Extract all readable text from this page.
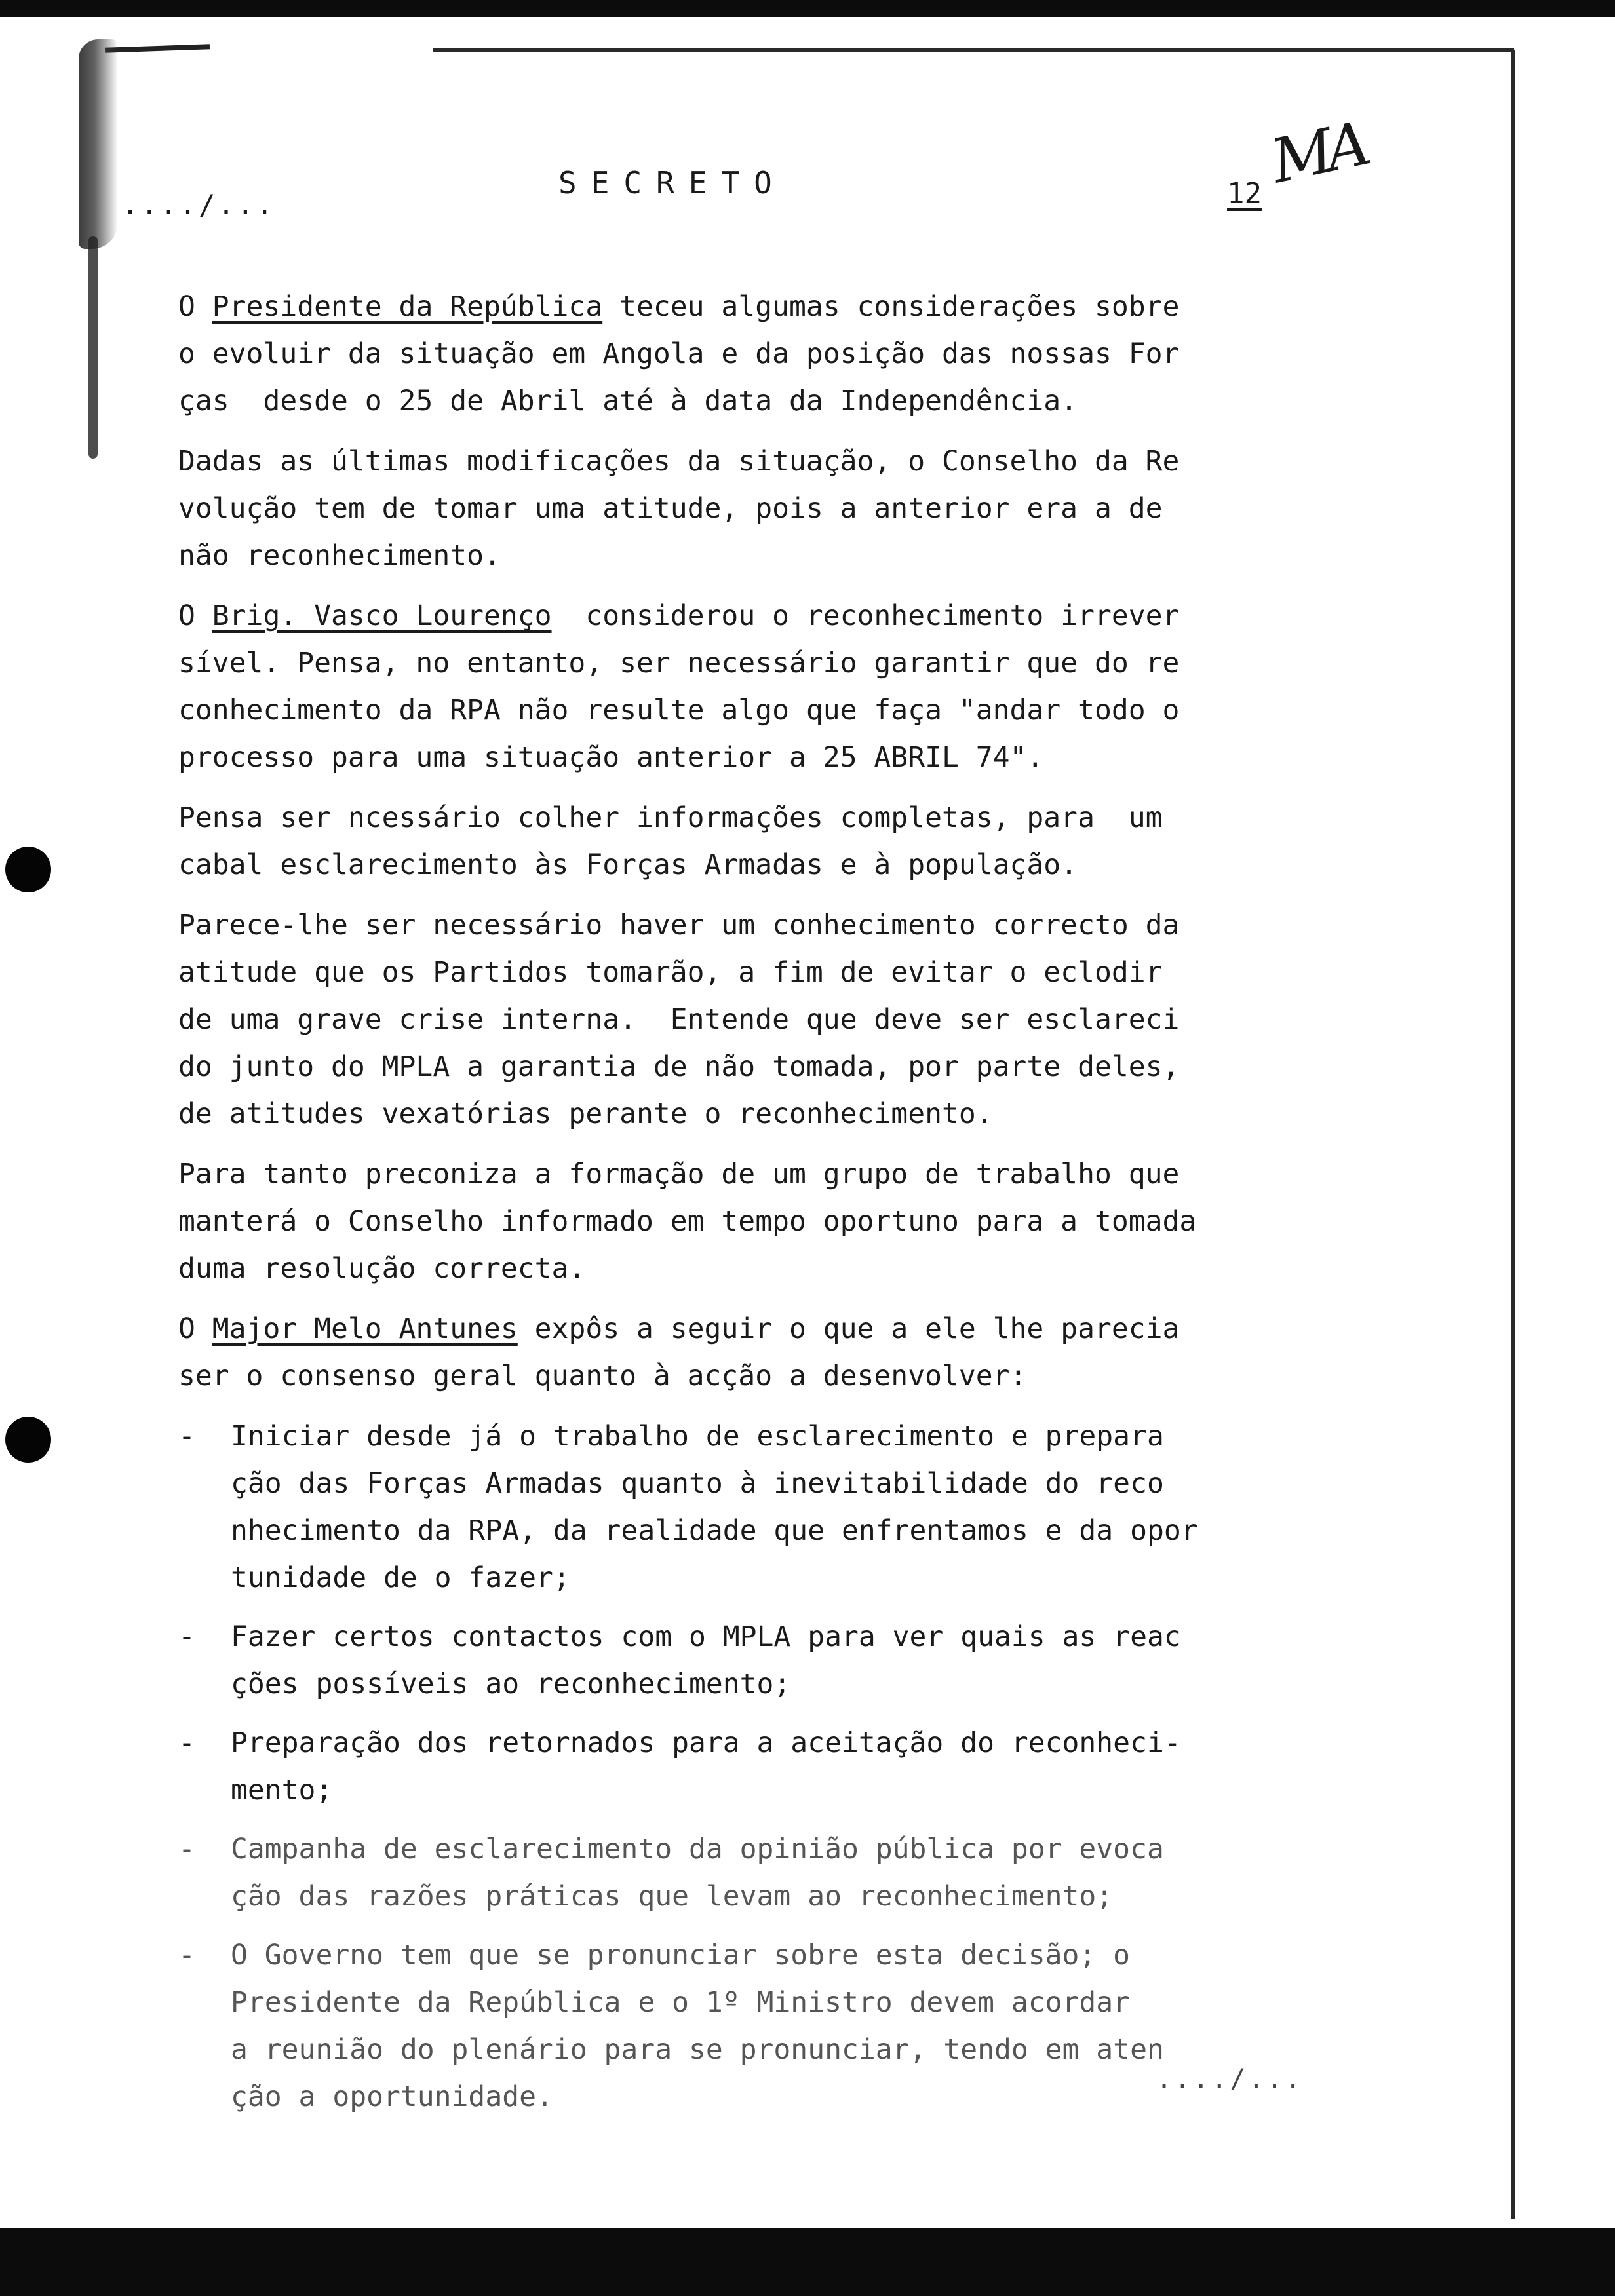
..../...
SECRETO	12 MA
O Presidente da República teceu algumas considerações sobre
o evoluir da situação em Angola e da posição das nossas For
ças  desde o 25 de Abril até à data da Independência.
Dadas as últimas modificações da situação, o Conselho da Re
volução tem de tomar uma atitude, pois a anterior era a de
não reconhecimento.
O Brig. Vasco Lourenço  considerou o reconhecimento irrever
sível. Pensa, no entanto, ser necessário garantir que do re
conhecimento da RPA não resulte algo que faça "andar todo o
processo para uma situação anterior a 25 ABRIL 74".
Pensa ser ncessário colher informações completas, para  um
cabal esclarecimento às Forças Armadas e à população.
Parece-lhe ser necessário haver um conhecimento correcto da
atitude que os Partidos tomarão, a fim de evitar o eclodir
de uma grave crise interna.  Entende que deve ser esclareci
do junto do MPLA a garantia de não tomada, por parte deles,
de atitudes vexatórias perante o reconhecimento.
Para tanto preconiza a formação de um grupo de trabalho que
manterá o Conselho informado em tempo oportuno para a tomada
duma resolução correcta.
O Major Melo Antunes expôs a seguir o que a ele lhe parecia
ser o consenso geral quanto à acção a desenvolver:
-	Iniciar desde já o trabalho de esclarecimento e prepara
ção das Forças Armadas quanto à inevitabilidade do reco
nhecimento da RPA, da realidade que enfrentamos e da opor
tunidade de o fazer;
-	Fazer certos contactos com o MPLA para ver quais as reac
ções possíveis ao reconhecimento;
-	Preparação dos retornados para a aceitação do reconheci-
mento;
-	Campanha de esclarecimento da opinião pública por evoca
ção das razões práticas que levam ao reconhecimento;
-	O Governo tem que se pronunciar sobre esta decisão; o
Presidente da República e o 1º Ministro devem acordar
a reunião do plenário para se pronunciar, tendo em aten
ção a oportunidade.
..../...
